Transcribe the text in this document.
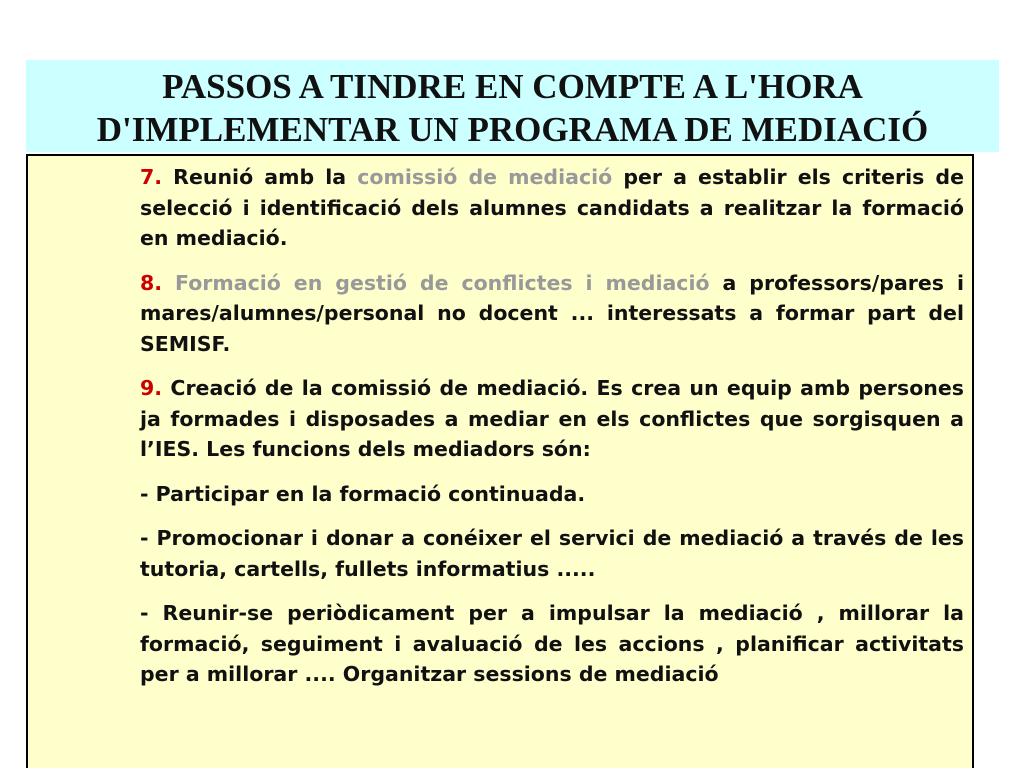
PASSOS A TINDRE EN COMPTE A L'HORA
D'IMPLEMENTAR UN PROGRAMA DE MEDIACIÓ

7. Reunió amb la comissió de mediació per a establir els criteris de selecció i identificació dels alumnes candidats a realitzar la formació en mediació.

8. Formació en gestió de conflictes i mediació a professors/pares i mares/alumnes/personal no docent ... interessats a formar part del SEMISF.

9. Creació de la comissió de mediació. Es crea un equip amb persones ja formades i disposades a mediar en els conflictes que sorgisquen a l’IES. Les funcions dels mediadors són:

- Participar en la formació continuada.

- Promocionar i donar a conéixer el servici de mediació a través de les tutoria, cartells, fullets informatius .....

- Reunir-se periòdicament per a impulsar la mediació , millorar la formació, seguiment i avaluació de les accions , planificar activitats per a millorar .... Organitzar sessions de mediació
